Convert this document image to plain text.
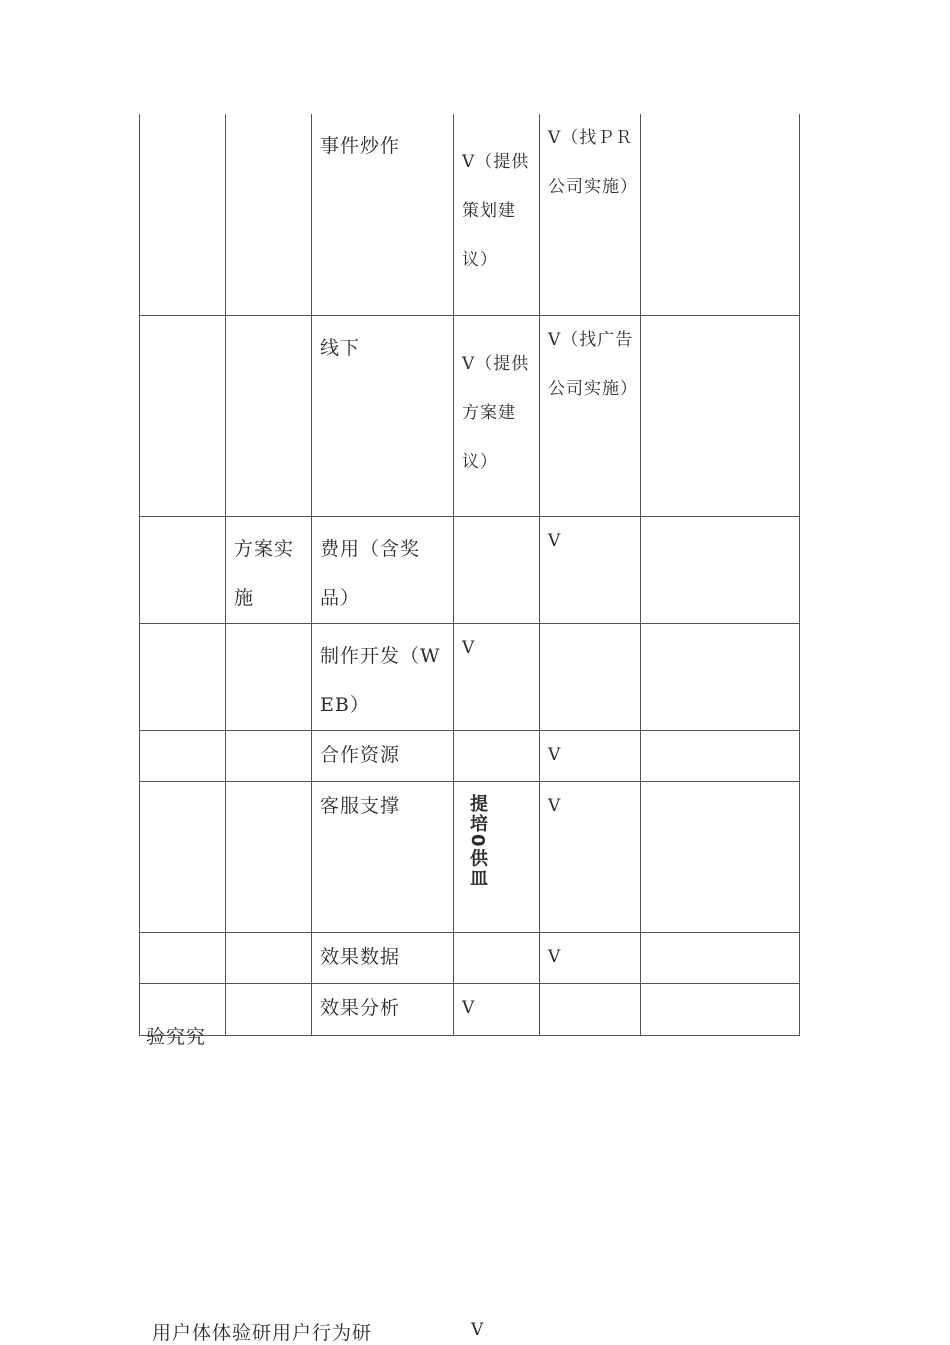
		事件炒作	V（提供策划建议）	V（找ＰＲ公司实施）	
		线下	V（提供方案建议）	V（找广告公司实施）	
	方案实施	费用（含奖品）		V	
		制作开发（WEB）	V		
		合作资源		V	
		客服支撑	提培0供皿	V	
		效果数据		V	
		效果分析	V		
验究究
用户体体验研用户行为研	V
